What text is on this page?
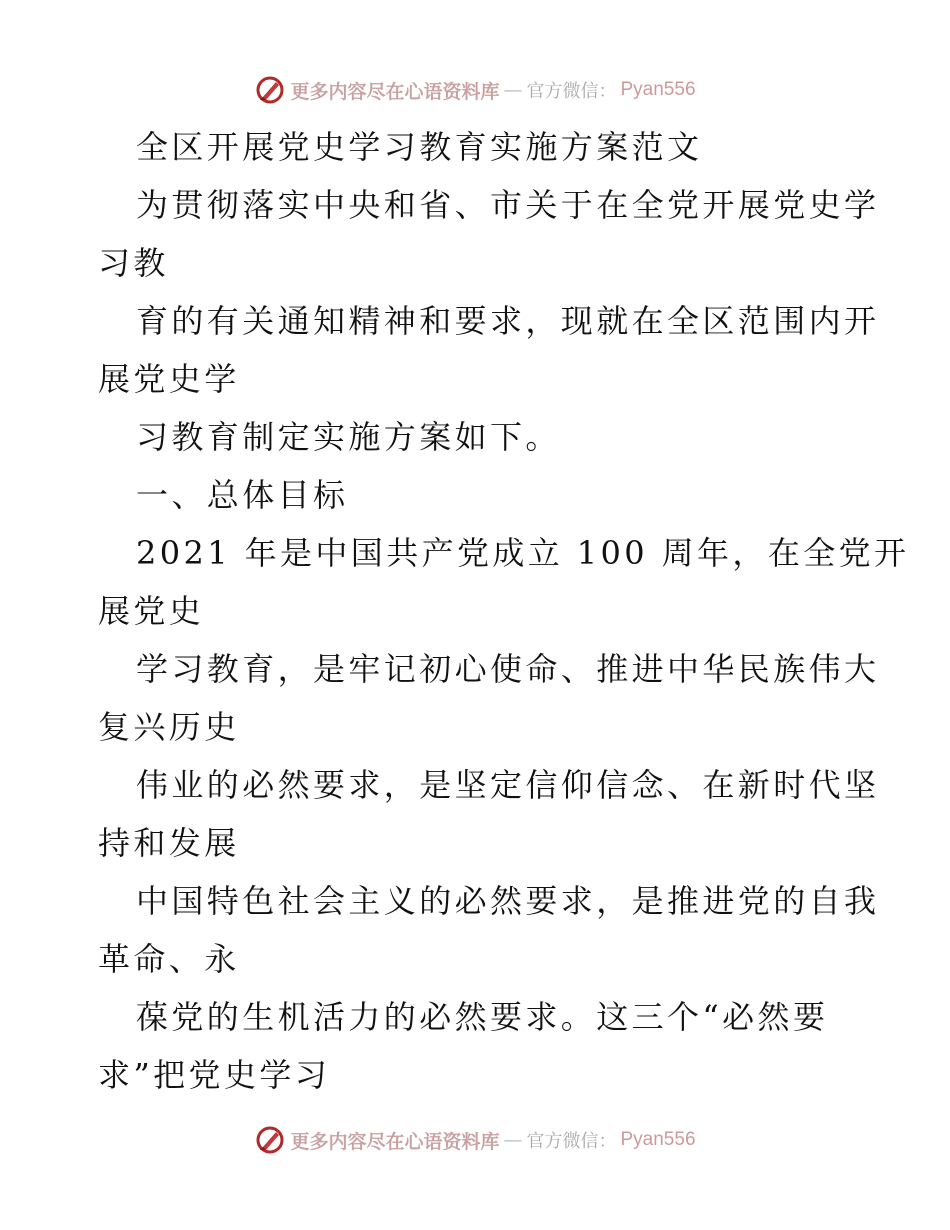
更多内容尽在心语资料库 — 官方微信： Pyan556
全区开展党史学习教育实施方案范文
为贯彻落实中央和省、市关于在全党开展党史学
习教
育的有关通知精神和要求，现就在全区范围内开
展党史学
习教育制定实施方案如下。
一、总体目标
2021 年是中国共产党成立 100 周年，在全党开
展党史
学习教育，是牢记初心使命、推进中华民族伟大
复兴历史
伟业的必然要求，是坚定信仰信念、在新时代坚
持和发展
中国特色社会主义的必然要求，是推进党的自我
革命、永
葆党的生机活力的必然要求。这三个“必然要
求”把党史学习
更多内容尽在心语资料库 — 官方微信： Pyan556
